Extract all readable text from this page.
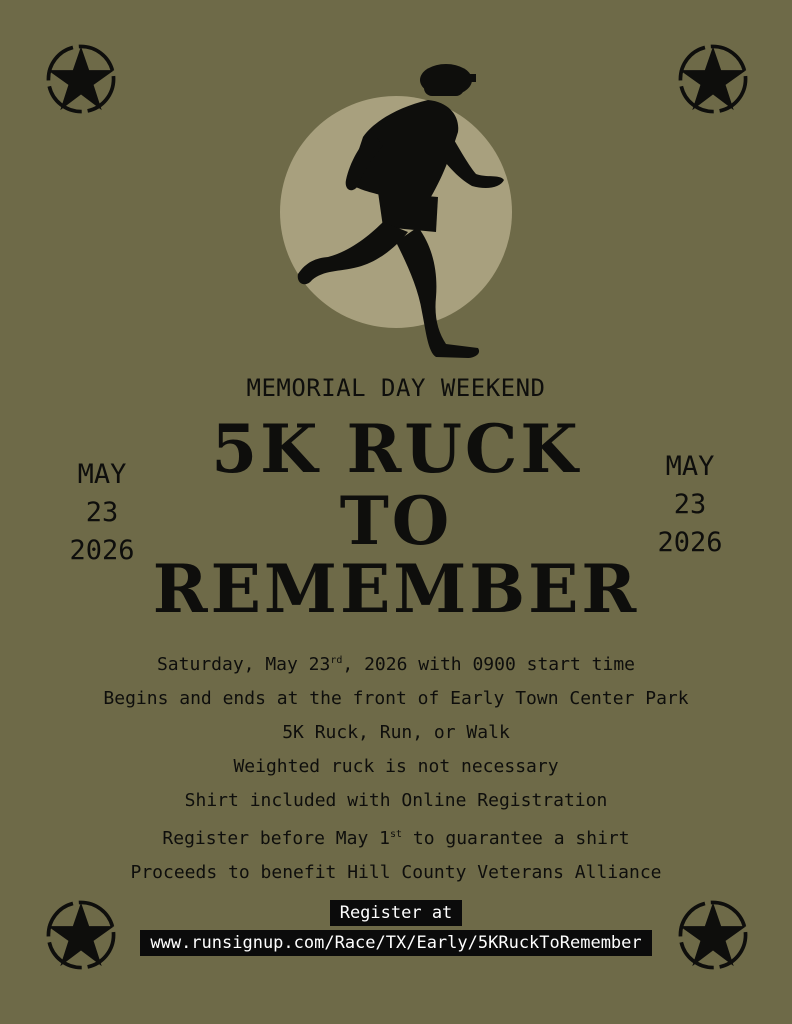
MEMORIAL DAY WEEKEND
5K RUCK
TO
REMEMBER
MAY
23
2026
MAY
23
2026
Saturday, May 23rd, 2026 with 0900 start time
Begins and ends at the front of Early Town Center Park
5K Ruck, Run, or Walk
Weighted ruck is not necessary
Shirt included with Online Registration
Register before May 1st to guarantee a shirt
Proceeds to benefit Hill County Veterans Alliance
Register at
www.runsignup.com/Race/TX/Early/5KRuckToRemember
